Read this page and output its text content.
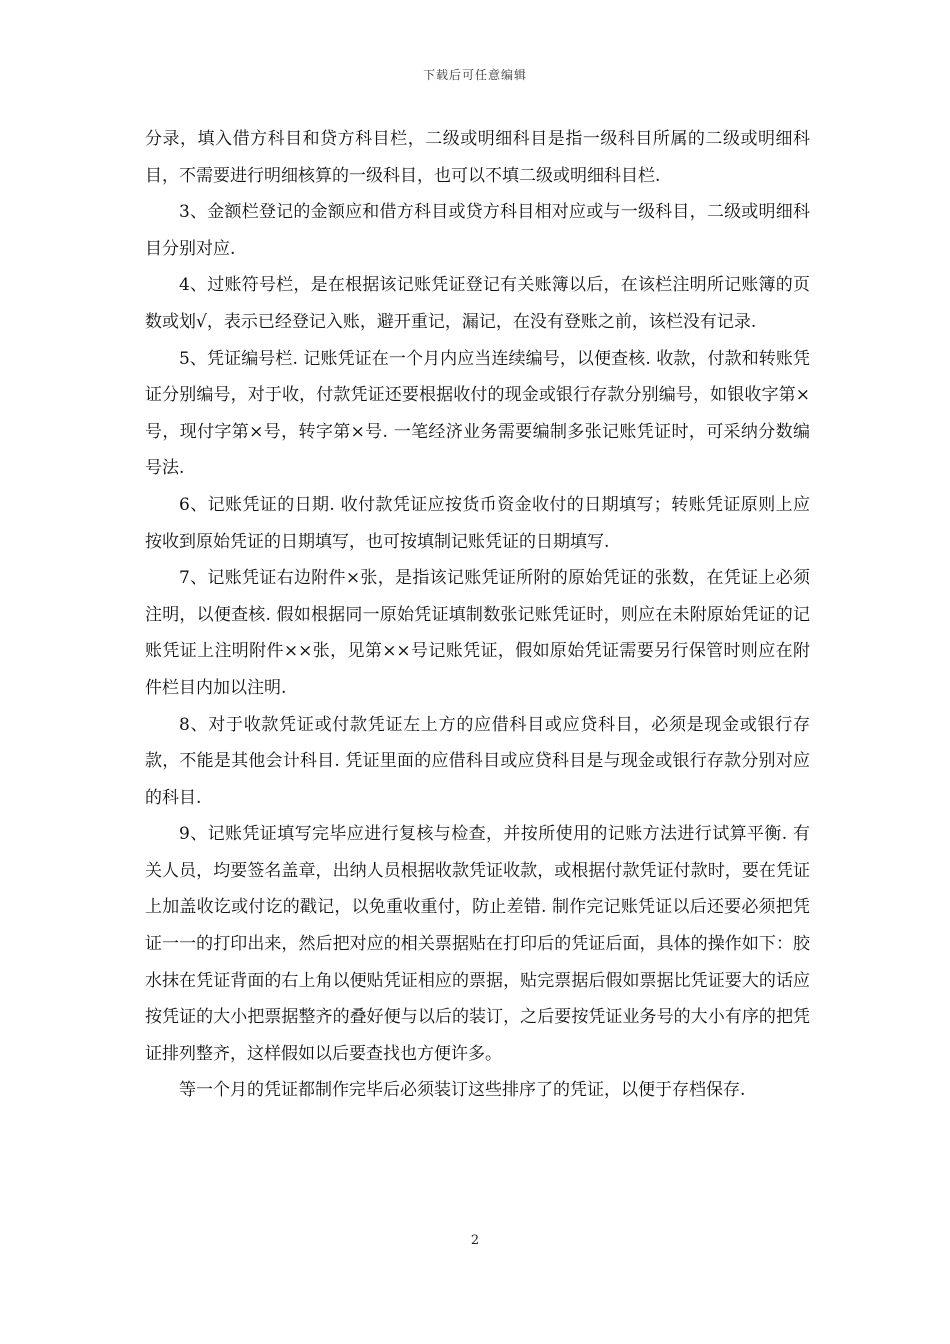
下载后可任意编辑

分录，填入借方科目和贷方科目栏，二级或明细科目是指一级科目所属的二级或明细科目，不需要进行明细核算的一级科目，也可以不填二级或明细科目栏.

3、金额栏登记的金额应和借方科目或贷方科目相对应或与一级科目，二级或明细科目分别对应.

4、过账符号栏，是在根据该记账凭证登记有关账簿以后，在该栏注明所记账簿的页数或划√，表示已经登记入账，避开重记，漏记，在没有登账之前，该栏没有记录.

5、凭证编号栏. 记账凭证在一个月内应当连续编号，以便查核. 收款，付款和转账凭证分别编号，对于收，付款凭证还要根据收付的现金或银行存款分别编号，如银收字第×号，现付字第×号，转字第×号. 一笔经济业务需要编制多张记账凭证时，可采纳分数编号法.

6、记账凭证的日期. 收付款凭证应按货币资金收付的日期填写；转账凭证原则上应按收到原始凭证的日期填写，也可按填制记账凭证的日期填写.

7、记账凭证右边附件×张，是指该记账凭证所附的原始凭证的张数，在凭证上必须注明，以便查核. 假如根据同一原始凭证填制数张记账凭证时，则应在未附原始凭证的记账凭证上注明附件××张，见第××号记账凭证，假如原始凭证需要另行保管时则应在附件栏目内加以注明.

8、对于收款凭证或付款凭证左上方的应借科目或应贷科目，必须是现金或银行存款，不能是其他会计科目. 凭证里面的应借科目或应贷科目是与现金或银行存款分别对应的科目.

9、记账凭证填写完毕应进行复核与检查，并按所使用的记账方法进行试算平衡. 有关人员，均要签名盖章，出纳人员根据收款凭证收款，或根据付款凭证付款时，要在凭证上加盖收讫或付讫的戳记，以免重收重付，防止差错. 制作完记账凭证以后还要必须把凭证一一的打印出来，然后把对应的相关票据贴在打印后的凭证后面，具体的操作如下：胶水抹在凭证背面的右上角以便贴凭证相应的票据，贴完票据后假如票据比凭证要大的话应按凭证的大小把票据整齐的叠好便与以后的装订，之后要按凭证业务号的大小有序的把凭证排列整齐，这样假如以后要查找也方便许多。

等一个月的凭证都制作完毕后必须装订这些排序了的凭证，以便于存档保存.

2
